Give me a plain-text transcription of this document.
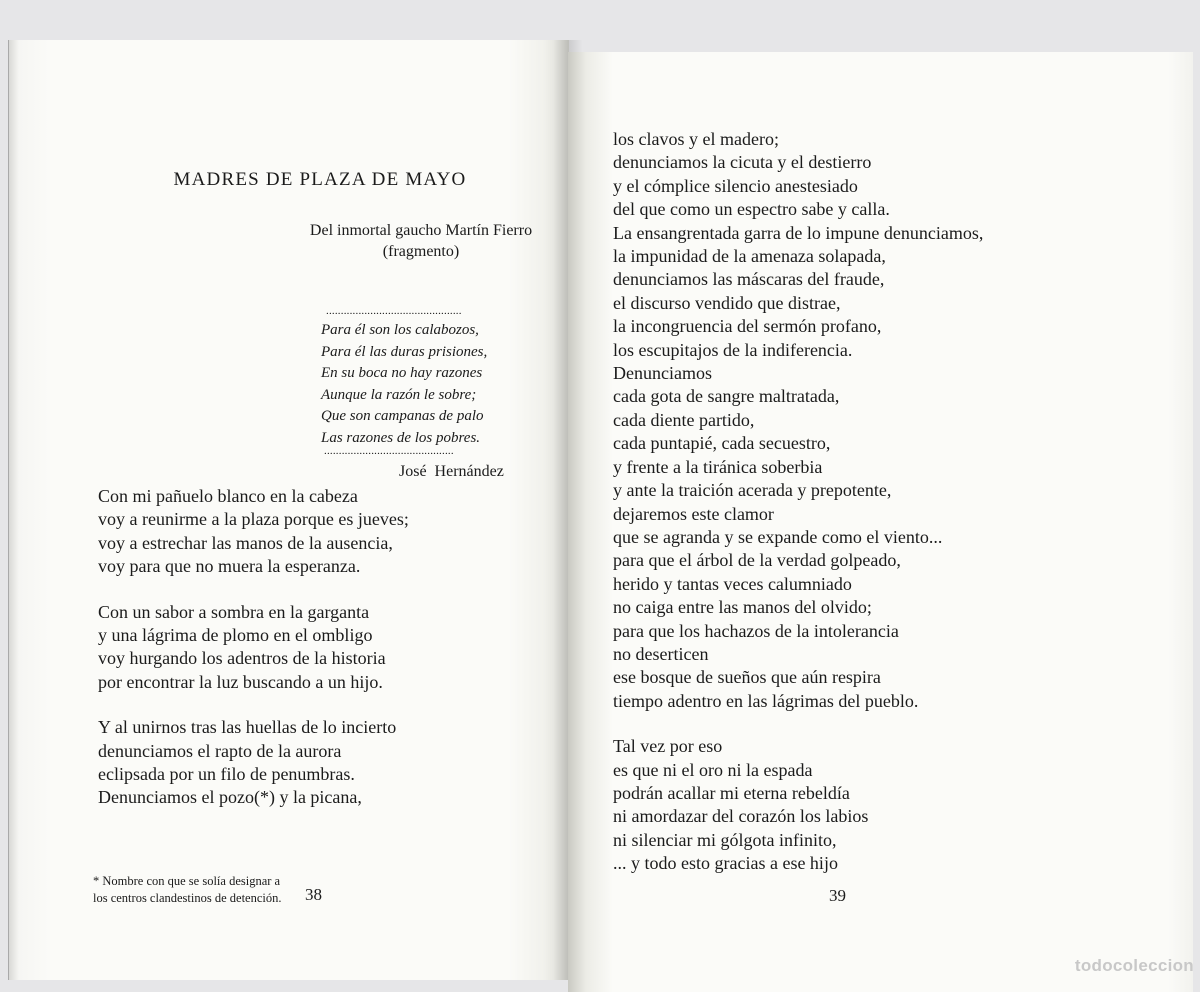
MADRES DE PLAZA DE MAYO
Del inmortal gaucho Martín Fierro
(fragmento)
..............................................
Para él son los calabozos,
Para él las duras prisiones,
En su boca no hay razones
Aunque la razón le sobre;
Que son campanas de palo
Las razones de los pobres.
............................................
José Hernández
Con mi pañuelo blanco en la cabeza
voy a reunirme a la plaza porque es jueves;
voy a estrechar las manos de la ausencia,
voy para que no muera la esperanza.
Con un sabor a sombra en la garganta
y una lágrima de plomo en el ombligo
voy hurgando los adentros de la historia
por encontrar la luz buscando a un hijo.
Y al unirnos tras las huellas de lo incierto
denunciamos el rapto de la aurora
eclipsada por un filo de penumbras.
Denunciamos el pozo(*) y la picana,
* Nombre con que se solía designar a
los centros clandestinos de detención. 38
los clavos y el madero;
denunciamos la cicuta y el destierro
y el cómplice silencio anestesiado
del que como un espectro sabe y calla.
La ensangrentada garra de lo impune denunciamos,
la impunidad de la amenaza solapada,
denunciamos las máscaras del fraude,
el discurso vendido que distrae,
la incongruencia del sermón profano,
los escupitajos de la indiferencia.
Denunciamos
cada gota de sangre maltratada,
cada diente partido,
cada puntapié, cada secuestro,
y frente a la tiránica soberbia
y ante la traición acerada y prepotente,
dejaremos este clamor
que se agranda y se expande como el viento...
para que el árbol de la verdad golpeado,
herido y tantas veces calumniado
no caiga entre las manos del olvido;
para que los hachazos de la intolerancia
no deserticen
ese bosque de sueños que aún respira
tiempo adentro en las lágrimas del pueblo.
Tal vez por eso
es que ni el oro ni la espada
podrán acallar mi eterna rebeldía
ni amordazar del corazón los labios
ni silenciar mi gólgota infinito,
... y todo esto gracias a ese hijo
39
todocoleccion
